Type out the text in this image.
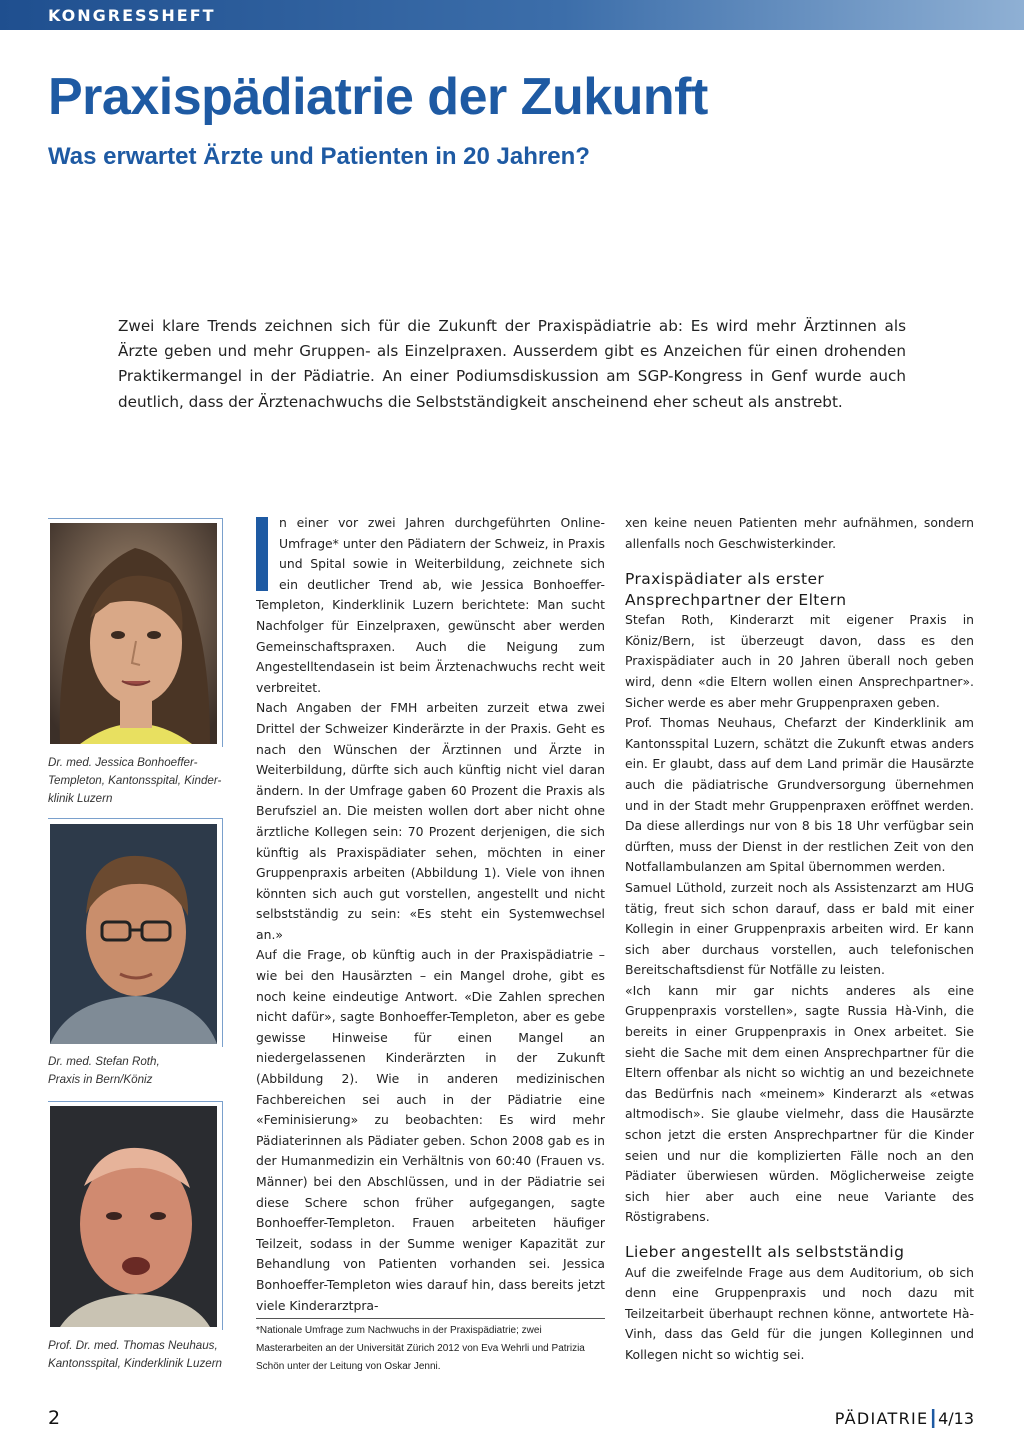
KONGRESSHEFT
Praxispädiatrie der Zukunft
Was erwartet Ärzte und Patienten in 20 Jahren?

Zwei klare Trends zeichnen sich für die Zukunft der Praxispädiatrie ab: Es wird mehr Ärztinnen als Ärzte geben und mehr Gruppen- als Einzelpraxen. Ausserdem gibt es Anzeichen für einen drohenden Praktikermangel in der Pädiatrie. An einer Podiumsdiskussion am SGP-Kongress in Genf wurde auch deutlich, dass der Ärztenachwuchs die Selbstständigkeit anscheinend eher scheut als anstrebt.

Dr. med. Jessica Bonhoeffer-
Templeton, Kantonsspital, Kinder-
klinik Luzern

Dr. med. Stefan Roth,
Praxis in Bern/Köniz

Prof. Dr. med. Thomas Neuhaus,
Kantonsspital, Kinderklinik Luzern

n einer vor zwei Jahren durchgeführten Online-Umfrage* unter den Pädiatern der Schweiz, in Praxis und Spital sowie in Weiterbildung, zeichnete sich ein deutlicher Trend ab, wie Jessica Bonhoeffer-Templeton, Kinderklinik Luzern berichtete: Man sucht Nachfolger für Einzelpraxen, gewünscht aber werden Gemeinschaftspraxen. Auch die Neigung zum Angestelltendasein ist beim Ärztenachwuchs recht weit verbreitet.

Nach Angaben der FMH arbeiten zurzeit etwa zwei Drittel der Schweizer Kinderärzte in der Praxis. Geht es nach den Wünschen der Ärztinnen und Ärzte in Weiterbildung, dürfte sich auch künftig nicht viel daran ändern. In der Umfrage gaben 60 Prozent die Praxis als Berufsziel an. Die meisten wollen dort aber nicht ohne ärztliche Kollegen sein: 70 Prozent derjenigen, die sich künftig als Praxispädiater sehen, möchten in einer Gruppenpraxis arbeiten (Abbildung 1). Viele von ihnen könnten sich auch gut vorstellen, angestellt und nicht selbstständig zu sein: «Es steht ein Systemwechsel an.»

Auf die Frage, ob künftig auch in der Praxispädiatrie – wie bei den Hausärzten – ein Mangel drohe, gibt es noch keine eindeutige Antwort. «Die Zahlen sprechen nicht dafür», sagte Bonhoeffer-Templeton, aber es gebe gewisse Hinweise für einen Mangel an niedergelassenen Kinderärzten in der Zukunft (Abbildung 2). Wie in anderen medizinischen Fachbereichen sei auch in der Pädiatrie eine «Feminisierung» zu beobachten: Es wird mehr Pädiaterinnen als Pädiater geben. Schon 2008 gab es in der Humanmedizin ein Verhältnis von 60:40 (Frauen vs. Männer) bei den Abschlüssen, und in der Pädiatrie sei diese Schere schon früher aufgegangen, sagte Bonhoeffer-Templeton. Frauen arbeiteten häufiger Teilzeit, sodass in der Summe weniger Kapazität zur Behandlung von Patienten vorhanden sei. Jessica Bonhoeffer-Templeton wies darauf hin, dass bereits jetzt viele Kinderarztpra-

xen keine neuen Patienten mehr aufnähmen, sondern allenfalls noch Geschwisterkinder.

Praxispädiater als erster
Ansprechpartner der Eltern

Stefan Roth, Kinderarzt mit eigener Praxis in Köniz/Bern, ist überzeugt davon, dass es den Praxispädiater auch in 20 Jahren überall noch geben wird, denn «die Eltern wollen einen Ansprechpartner». Sicher werde es aber mehr Gruppenpraxen geben.

Prof. Thomas Neuhaus, Chefarzt der Kinderklinik am Kantonsspital Luzern, schätzt die Zukunft etwas anders ein. Er glaubt, dass auf dem Land primär die Hausärzte auch die pädiatrische Grundversorgung übernehmen und in der Stadt mehr Gruppenpraxen eröffnet werden. Da diese allerdings nur von 8 bis 18 Uhr verfügbar sein dürften, muss der Dienst in der restlichen Zeit von den Notfallambulanzen am Spital übernommen werden.

Samuel Lüthold, zurzeit noch als Assistenzarzt am HUG tätig, freut sich schon darauf, dass er bald mit einer Kollegin in einer Gruppenpraxis arbeiten wird. Er kann sich aber durchaus vorstellen, auch telefonischen Bereitschaftsdienst für Notfälle zu leisten.

«Ich kann mir gar nichts anderes als eine Gruppenpraxis vorstellen», sagte Russia Hà-Vinh, die bereits in einer Gruppenpraxis in Onex arbeitet. Sie sieht die Sache mit dem einen Ansprechpartner für die Eltern offenbar als nicht so wichtig an und bezeichnete das Bedürfnis nach «meinem» Kinderarzt als «etwas altmodisch». Sie glaube vielmehr, dass die Hausärzte schon jetzt die ersten Ansprechpartner für die Kinder seien und nur die komplizierten Fälle noch an den Pädiater überwiesen würden. Möglicherweise zeigte sich hier aber auch eine neue Variante des Röstigrabens.

Lieber angestellt als selbstständig

Auf die zweifelnde Frage aus dem Auditorium, ob sich denn eine Gruppenpraxis und noch dazu mit Teilzeitarbeit überhaupt rechnen könne, antwortete Hà-Vinh, dass das Geld für die jungen Kolleginnen und Kollegen nicht so wichtig sei.

*Nationale Umfrage zum Nachwuchs in der Praxispädiatrie; zwei Masterarbeiten an der Universität Zürich 2012 von Eva Wehrli und Patrizia Schön unter der Leitung von Oskar Jenni.

2	PÄDIATRIE┃4/13
